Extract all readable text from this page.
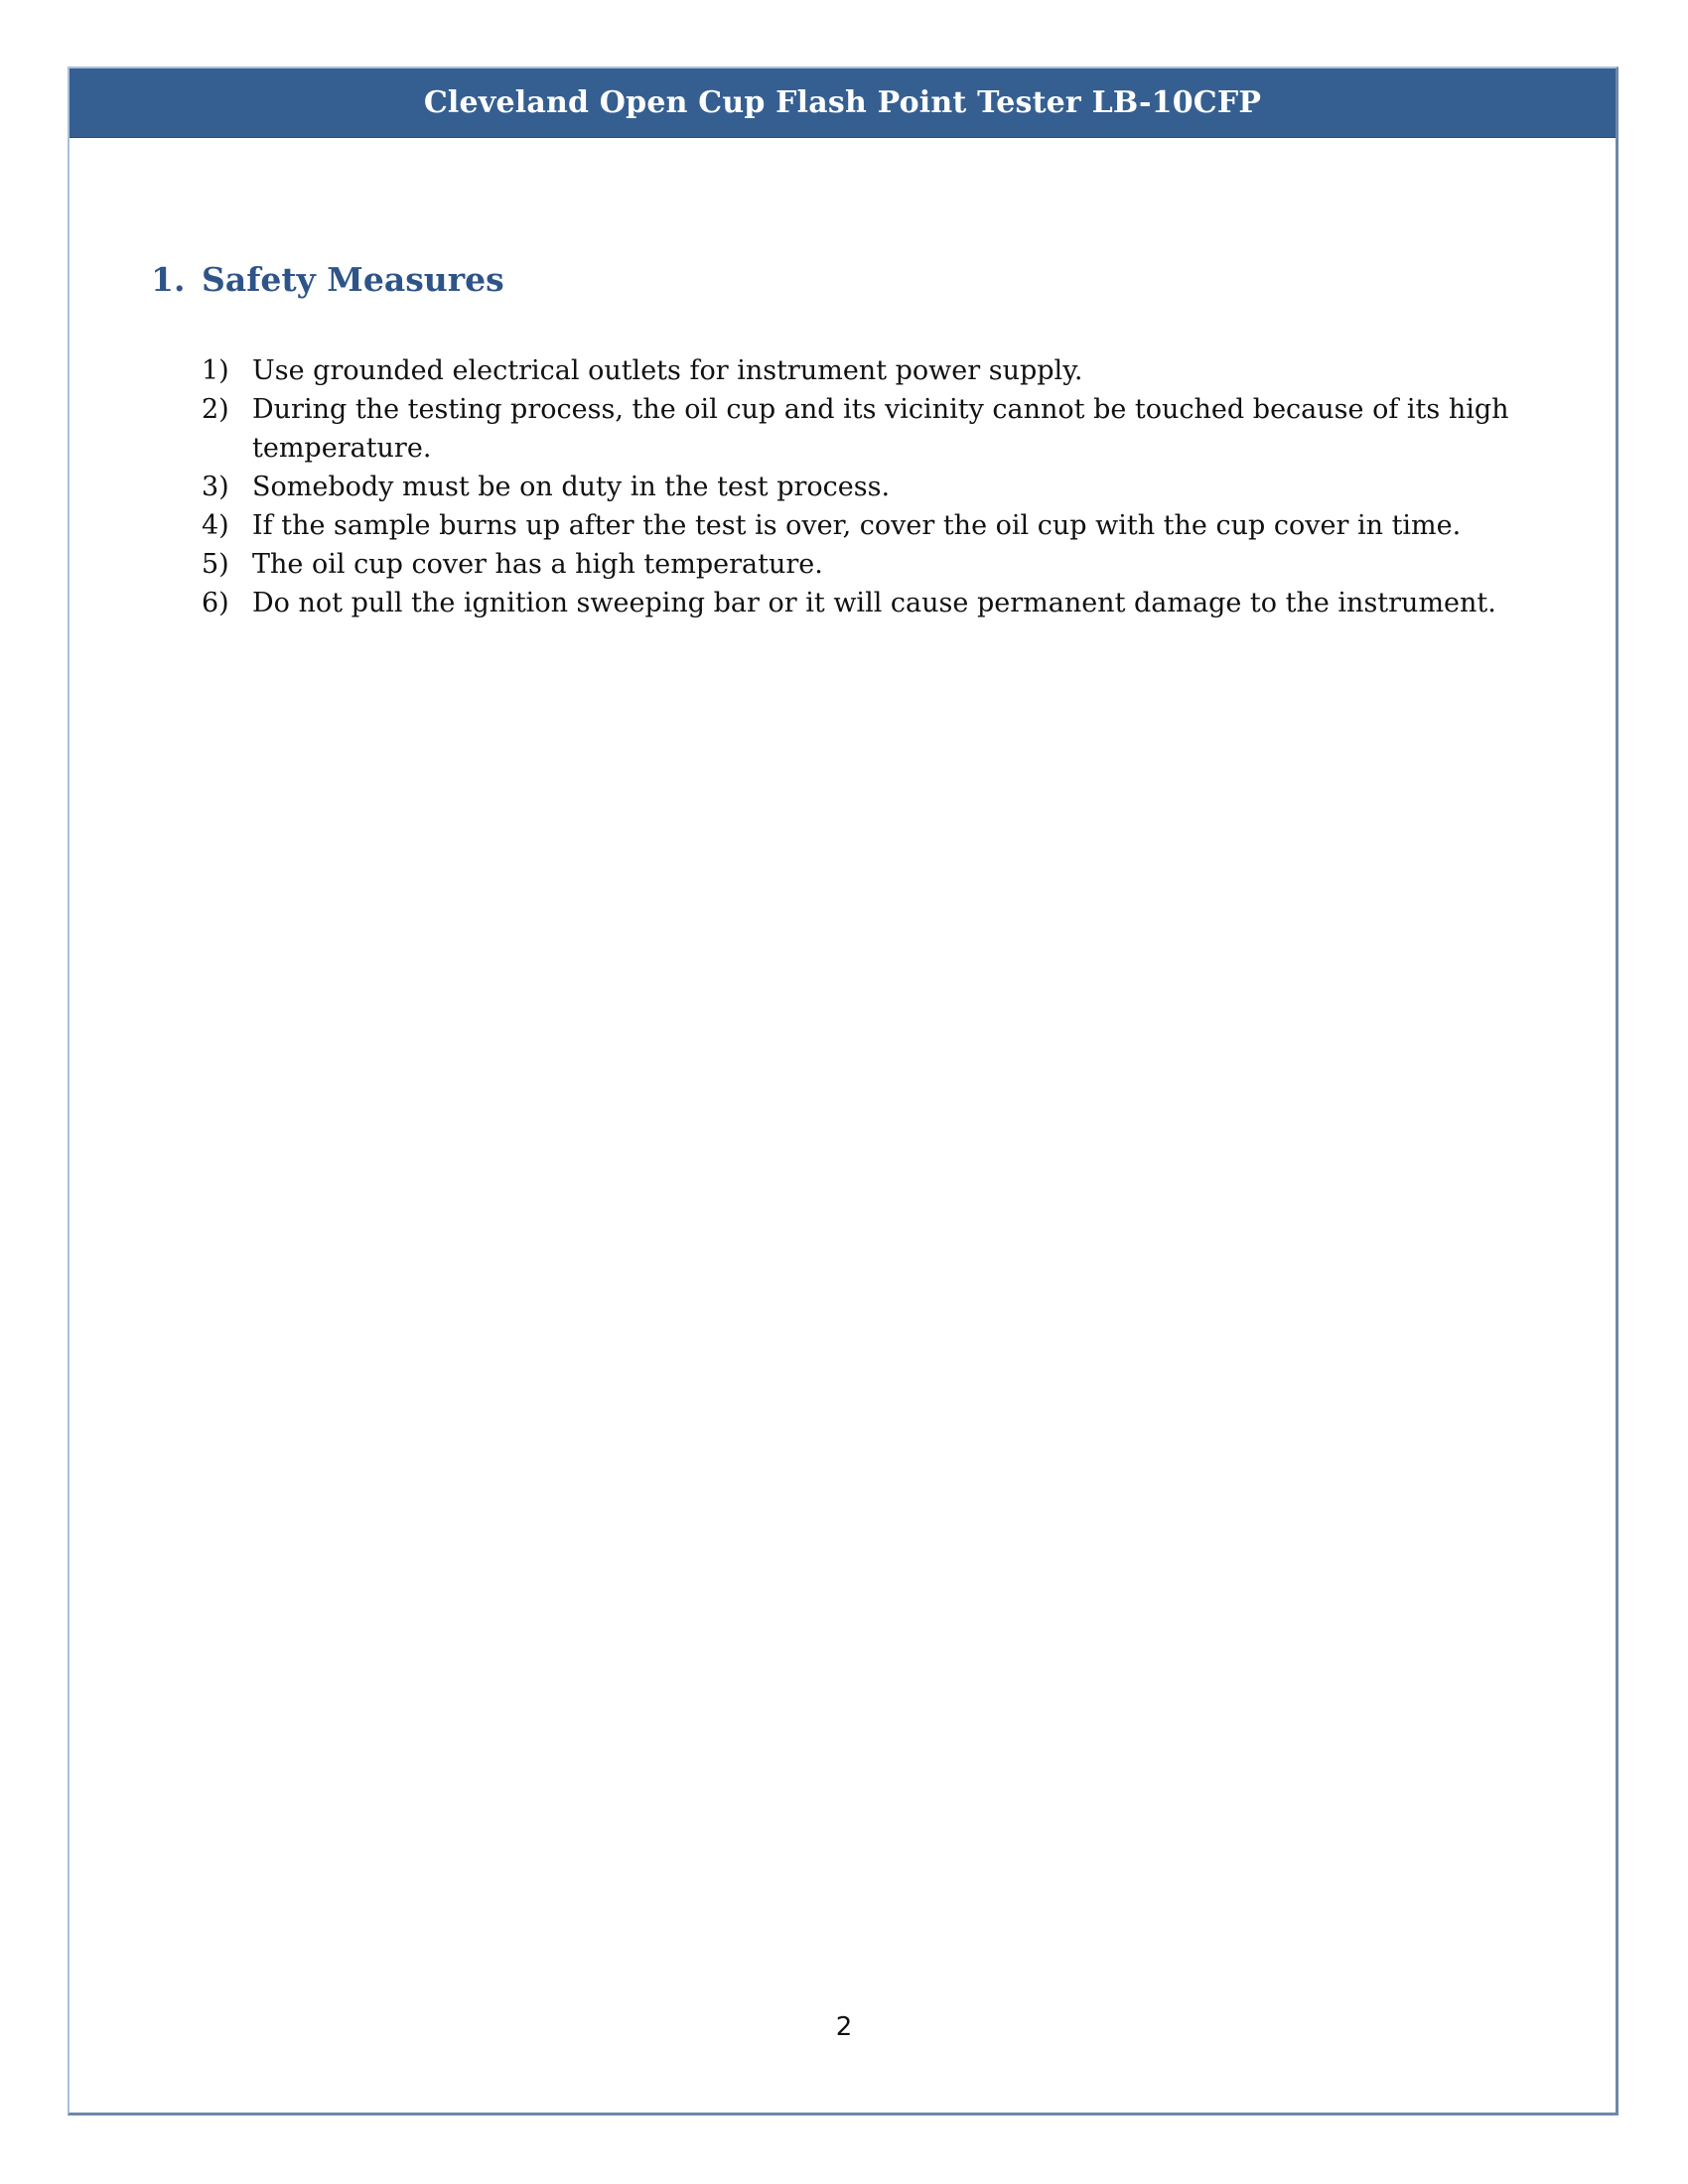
Cleveland Open Cup Flash Point Tester LB-10CFP
1. Safety Measures
1) Use grounded electrical outlets for instrument power supply.
2) During the testing process, the oil cup and its vicinity cannot be touched because of its high temperature.
3) Somebody must be on duty in the test process.
4) If the sample burns up after the test is over, cover the oil cup with the cup cover in time.
5) The oil cup cover has a high temperature.
6) Do not pull the ignition sweeping bar or it will cause permanent damage to the instrument.
2
